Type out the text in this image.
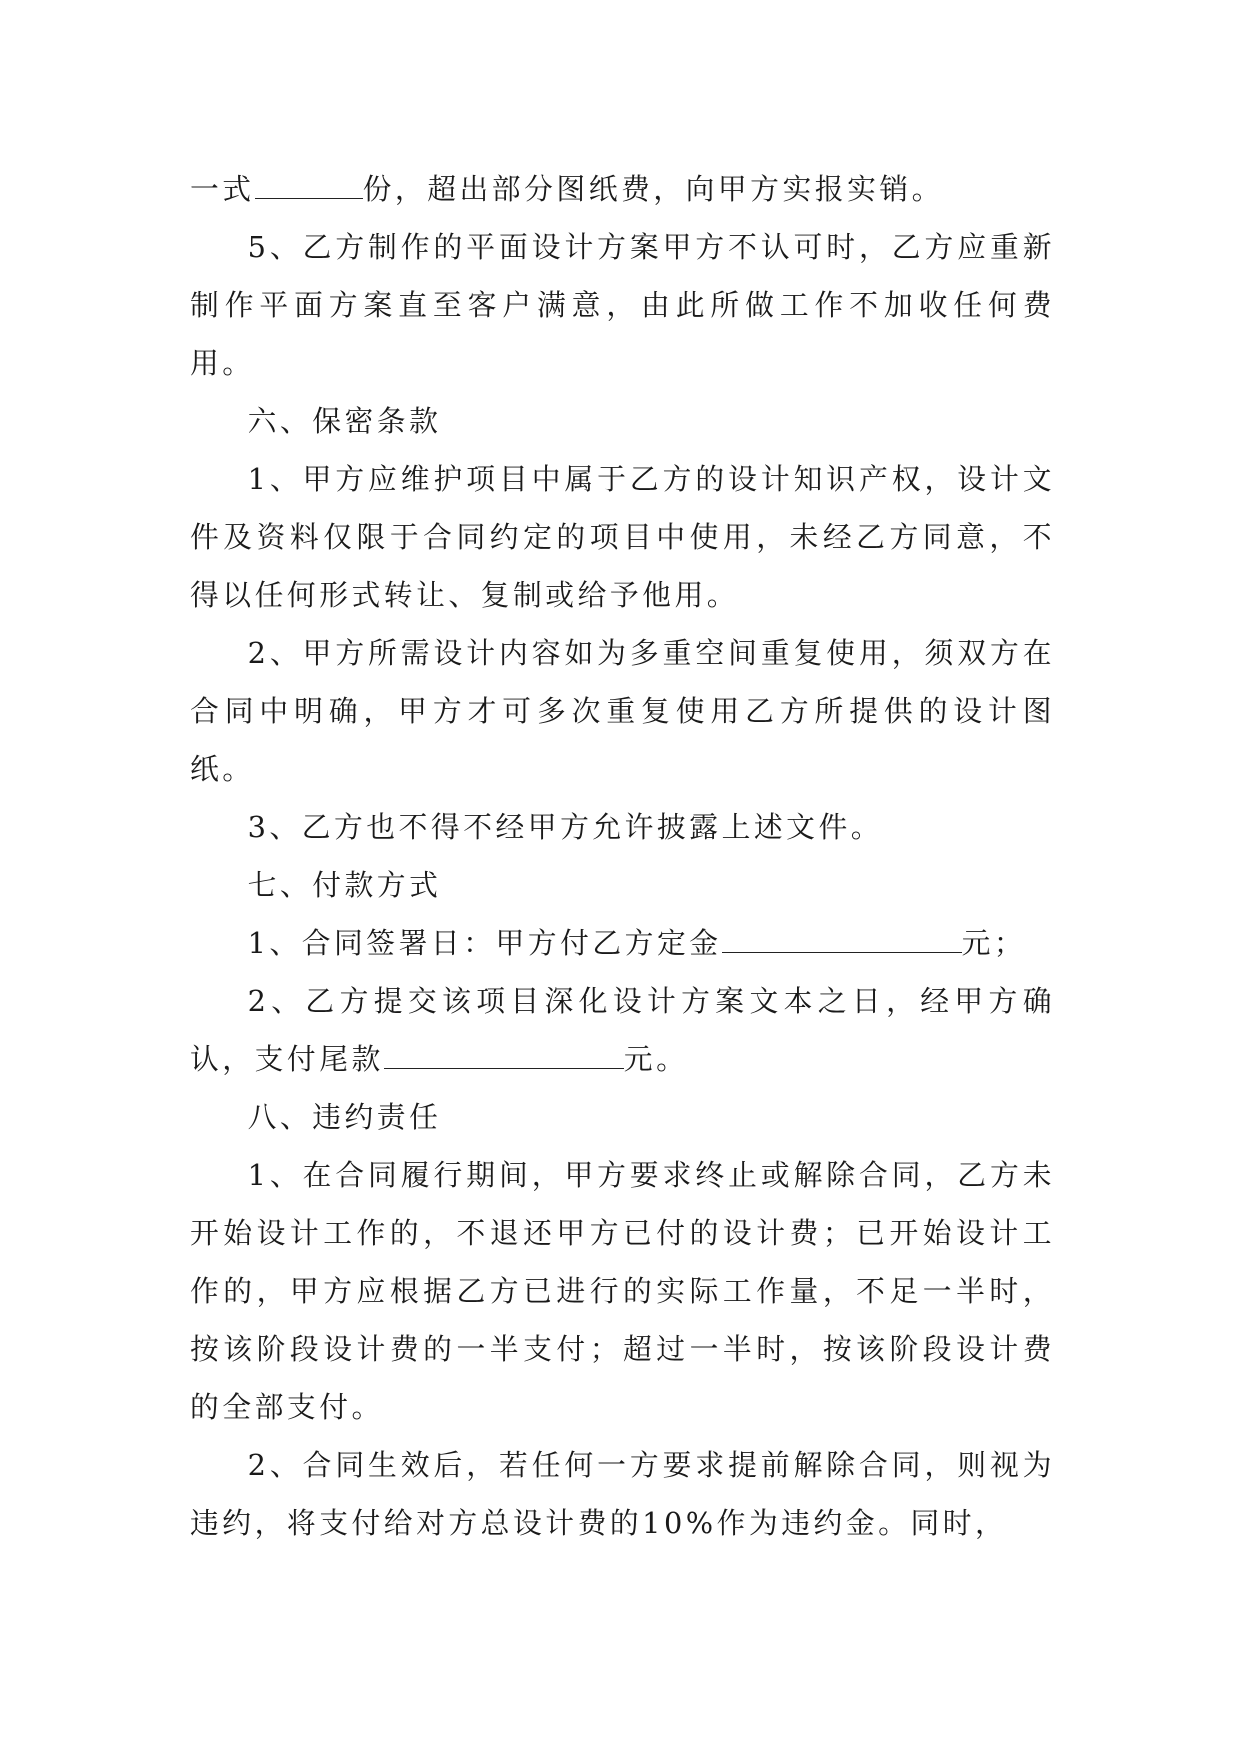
一式	份，超出部分图纸费，向甲方实报实销。

5、乙方制作的平面设计方案甲方不认可时，乙方应重新制作平面方案直至客户满意，由此所做工作不加收任何费用。

六、保密条款

1、甲方应维护项目中属于乙方的设计知识产权，设计文件及资料仅限于合同约定的项目中使用，未经乙方同意，不得以任何形式转让、复制或给予他用。

2、甲方所需设计内容如为多重空间重复使用，须双方在合同中明确，甲方才可多次重复使用乙方所提供的设计图纸。

3、乙方也不得不经甲方允许披露上述文件。

七、付款方式

1、合同签署日：甲方付乙方定金	元；

2、乙方提交该项目深化设计方案文本之日，经甲方确认，支付尾款	元。

八、违约责任

1、在合同履行期间，甲方要求终止或解除合同，乙方未开始设计工作的，不退还甲方已付的设计费；已开始设计工作的，甲方应根据乙方已进行的实际工作量，不足一半时，按该阶段设计费的一半支付；超过一半时，按该阶段设计费的全部支付。

2、合同生效后，若任何一方要求提前解除合同，则视为违约，将支付给对方总设计费的10%作为违约金。同时，
